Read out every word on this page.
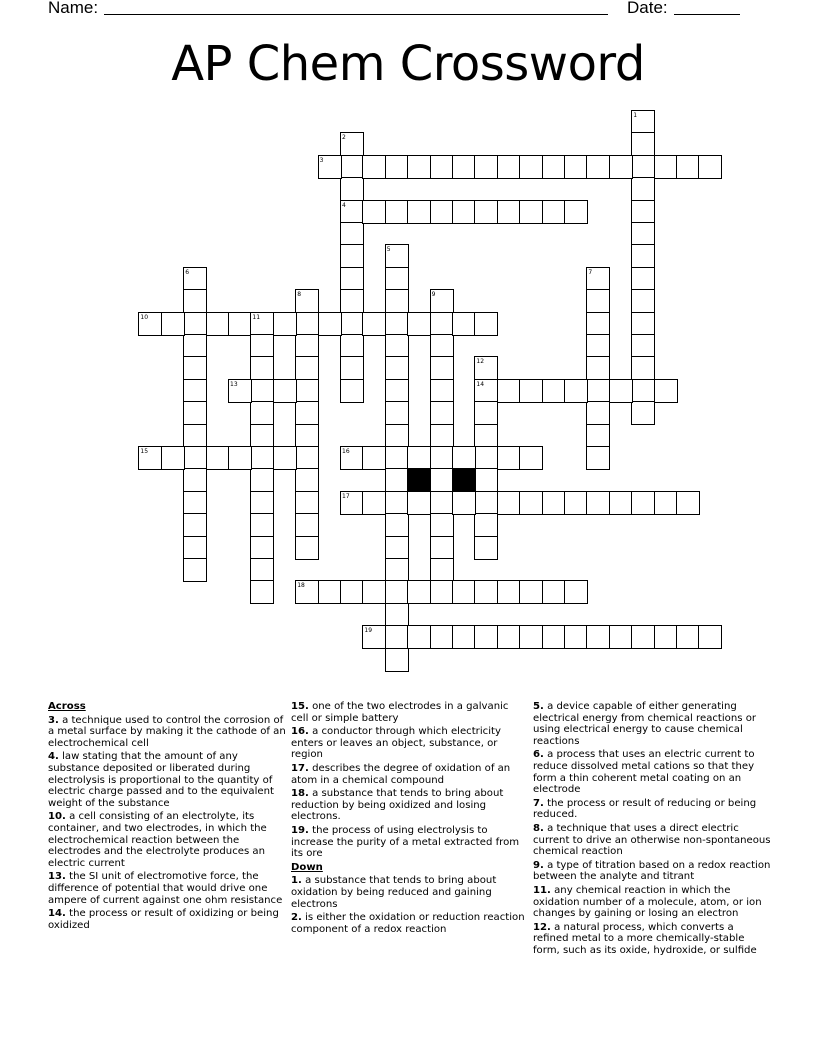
Name:	Date:
AP Chem Crossword
1
2
4
3
5
6	7
8	9
10	11
12
14
13
15	16
17
18
19
Across
3. a technique used to control the corrosion of a metal surface by making it the cathode of an electrochemical cell
4. law stating that the amount of any substance deposited or liberated during electrolysis is proportional to the quantity of electric charge passed and to the equivalent weight of the substance
10. a cell consisting of an electrolyte, its container, and two electrodes, in which the electrochemical reaction between the electrodes and the electrolyte produces an electric current
13. the SI unit of electromotive force, the difference of potential that would drive one ampere of current against one ohm resistance
14. the process or result of oxidizing or being oxidized
15. one of the two electrodes in a galvanic cell or simple battery
16. a conductor through which electricity enters or leaves an object, substance, or region
17. describes the degree of oxidation of an atom in a chemical compound
18. a substance that tends to bring about reduction by being oxidized and losing electrons.
19. the process of using electrolysis to increase the purity of a metal extracted from its ore
Down
1. a substance that tends to bring about oxidation by being reduced and gaining electrons
2. is either the oxidation or reduction reaction component of a redox reaction
5. a device capable of either generating electrical energy from chemical reactions or using electrical energy to cause chemical reactions
6. a process that uses an electric current to reduce dissolved metal cations so that they form a thin coherent metal coating on an electrode
7. the process or result of reducing or being reduced.
8. a technique that uses a direct electric current to drive an otherwise non-spontaneous chemical reaction
9. a type of titration based on a redox reaction between the analyte and titrant
11. any chemical reaction in which the oxidation number of a molecule, atom, or ion changes by gaining or losing an electron
12. a natural process, which converts a refined metal to a more chemically-stable form, such as its oxide, hydroxide, or sulfide
